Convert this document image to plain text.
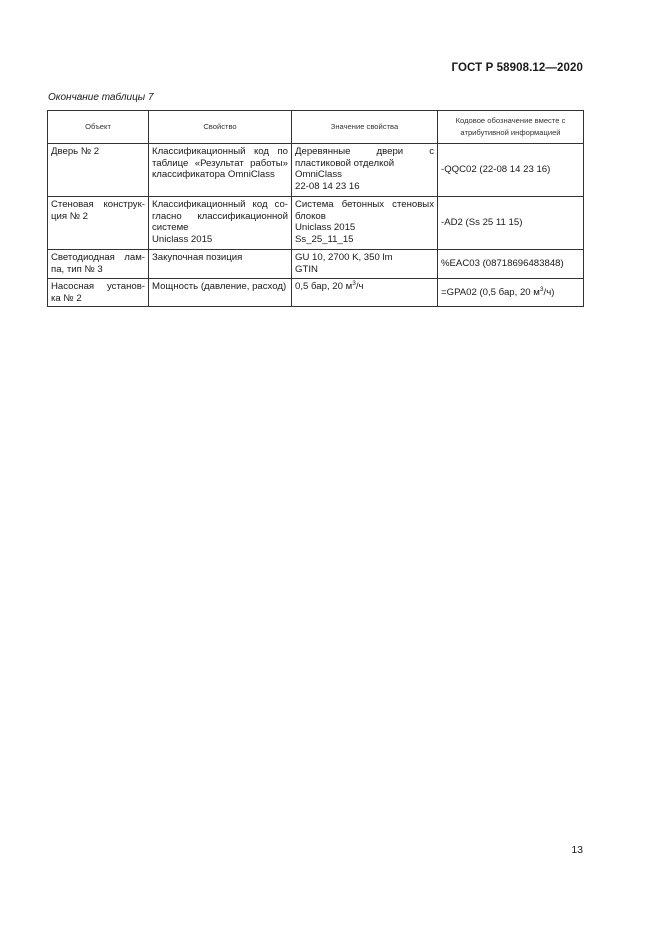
ГОСТ Р 58908.12—2020
Окончание таблицы 7
Объект	Свойство	Значение свойства	Кодовое обозначение вместе с атрибутивной информацией

Дверь № 2	Классификационный код по
таблице «Результат работы»
классификатора OmniClass	Деревянные двери с
пластиковой отделкой
OmniClass
22-08 14 23 16	-QQC02 (22-08 14 23 16)

Стеновая конструк-
ция № 2	Классификационный код со-
гласно классификационной
системе
Uniclass 2015	Система бетонных стеновых
блоков
Uniclass 2015
Ss_25_11_15	-AD2 (Ss 25 11 15)

Светодиодная лам-
па, тип № 3	Закупочная позиция	GU 10, 2700 K, 350 lm
GTIN	%EAC03 (08718696483848)

Насосная установ-
ка № 2	Мощность (давление, расход)	0,5 бар, 20 $м^3/ч$	=GPA02 (0,5 бар, 20 $м^3/ч$)
13
